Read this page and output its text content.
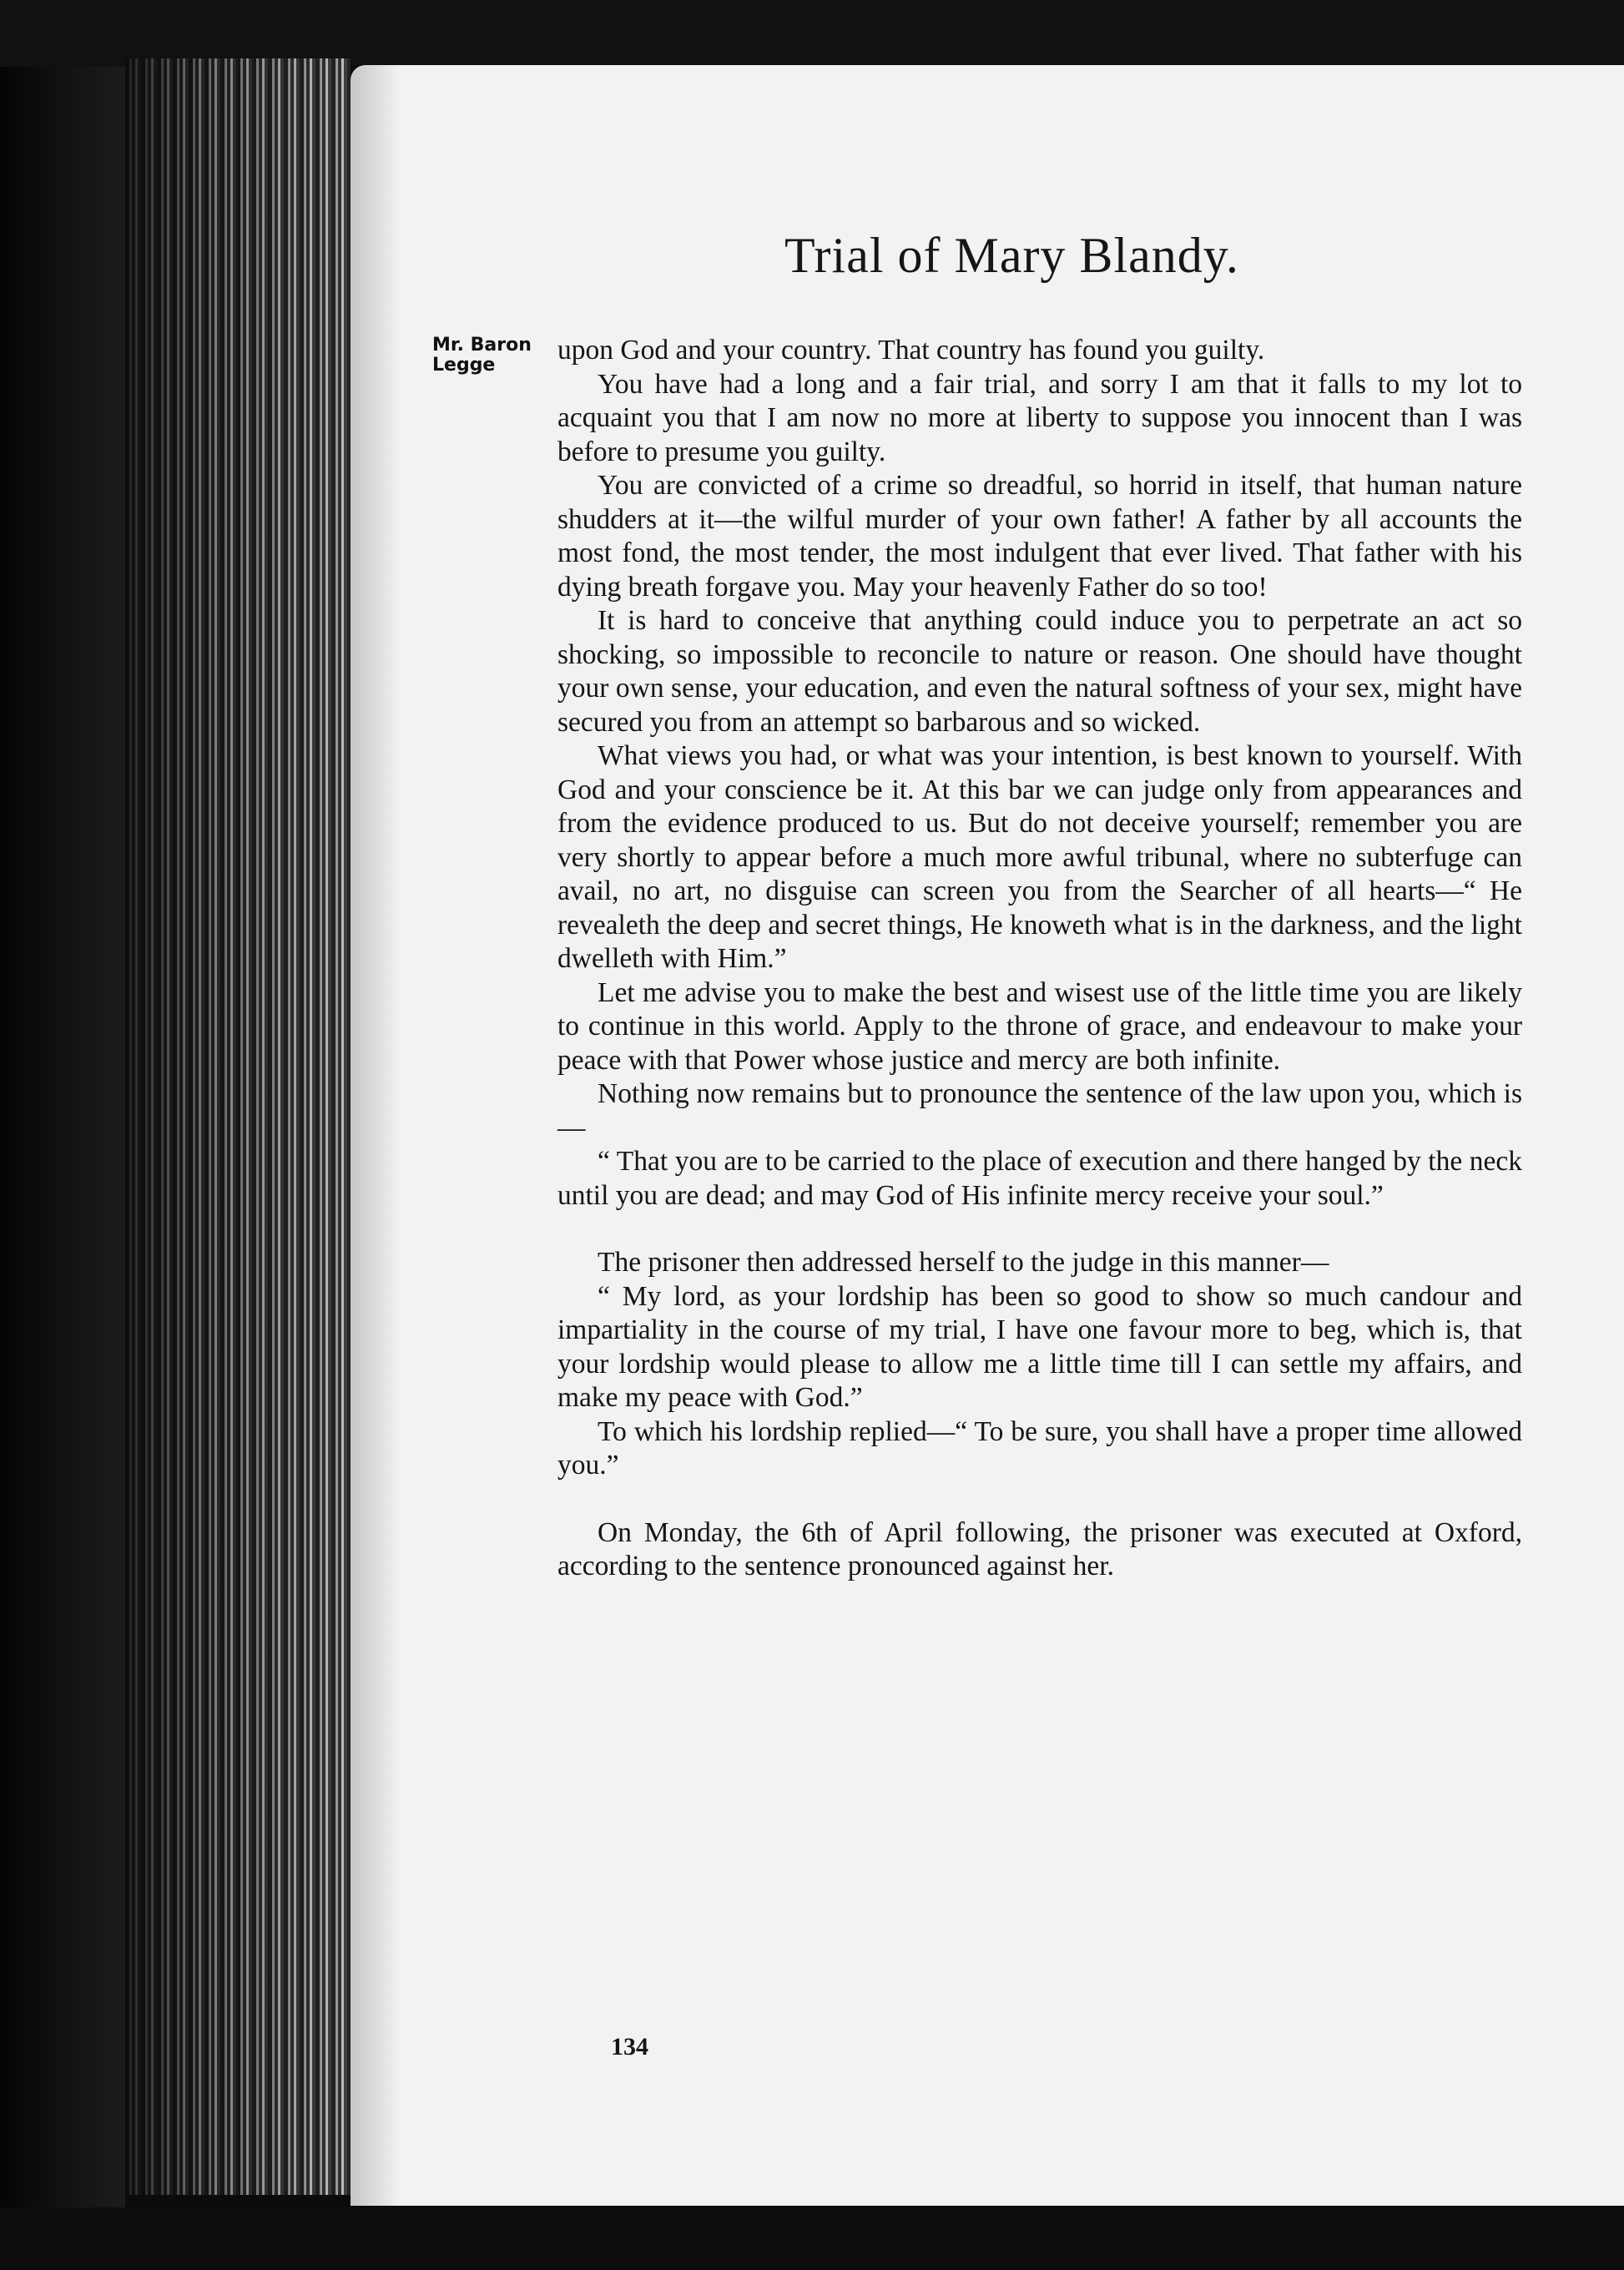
Trial of Mary Blandy.
Mr. Baron
Legge	upon God and your country. That country has found you guilty.

You have had a long and a fair trial, and sorry I am that it falls to my lot to acquaint you that I am now no more at liberty to suppose you innocent than I was before to presume you guilty.

You are convicted of a crime so dreadful, so horrid in itself, that human nature shudders at it—the wilful murder of your own father! A father by all accounts the most fond, the most tender, the most indulgent that ever lived. That father with his dying breath forgave you. May your heavenly Father do so too!

It is hard to conceive that anything could induce you to perpetrate an act so shocking, so impossible to reconcile to nature or reason. One should have thought your own sense, your education, and even the natural softness of your sex, might have secured you from an attempt so barbarous and so wicked.

What views you had, or what was your intention, is best known to yourself. With God and your conscience be it. At this bar we can judge only from appearances and from the evidence produced to us. But do not deceive yourself; remember you are very shortly to appear before a much more awful tribunal, where no subterfuge can avail, no art, no disguise can screen you from the Searcher of all hearts—“ He revealeth the deep and secret things, He knoweth what is in the darkness, and the light dwelleth with Him.”

Let me advise you to make the best and wisest use of the little time you are likely to continue in this world. Apply to the throne of grace, and endeavour to make your peace with that Power whose justice and mercy are both infinite.

Nothing now remains but to pronounce the sentence of the law upon you, which is—

“ That you are to be carried to the place of execution and there hanged by the neck until you are dead; and may God of His infinite mercy receive your soul.”

The prisoner then addressed herself to the judge in this manner—

“ My lord, as your lordship has been so good to show so much candour and impartiality in the course of my trial, I have one favour more to beg, which is, that your lordship would please to allow me a little time till I can settle my affairs, and make my peace with God.”

To which his lordship replied—“ To be sure, you shall have a proper time allowed you.”

On Monday, the 6th of April following, the prisoner was executed at Oxford, according to the sentence pronounced against her.

134
